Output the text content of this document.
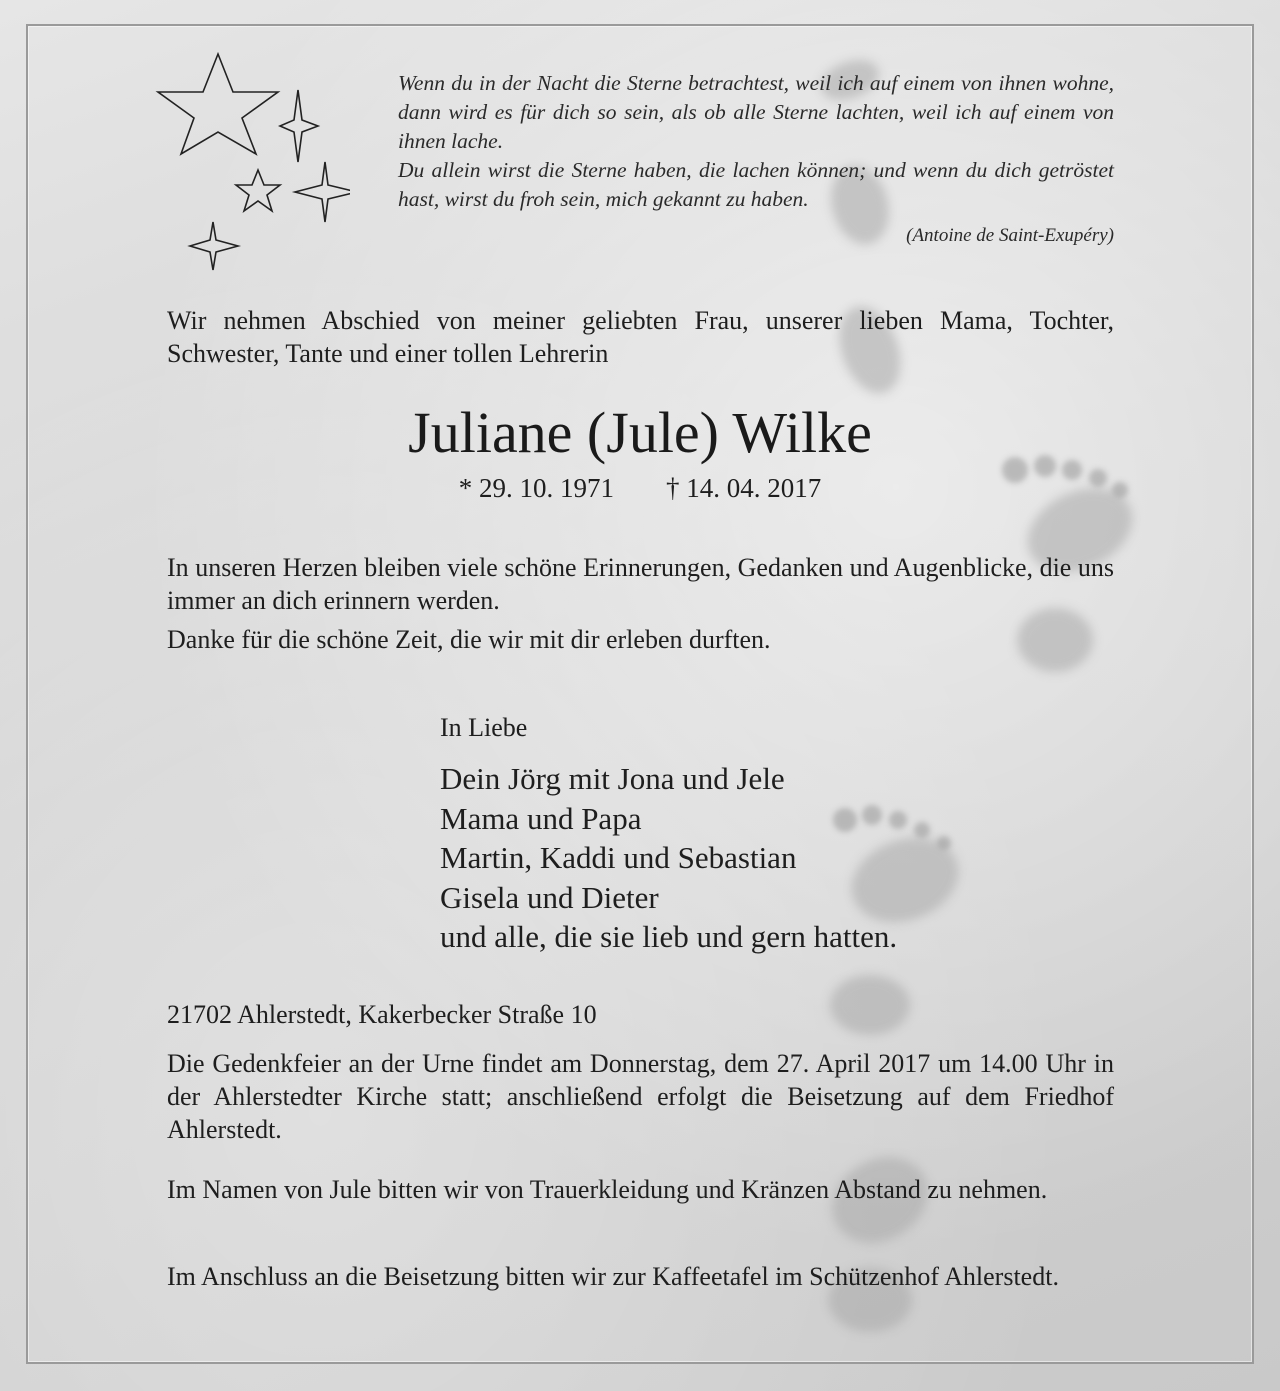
Wenn du in der Nacht die Sterne betrachtest, weil ich auf einem von ihnen wohne, dann wird es für dich so sein, als ob alle Sterne lachten, weil ich auf einem von ihnen lache.

Du allein wirst die Sterne haben, die lachen können; und wenn du dich getröstet hast, wirst du froh sein, mich gekannt zu haben.

(Antoine de Saint-Exupéry)

Wir nehmen Abschied von meiner geliebten Frau, unserer lieben Mama, Tochter, Schwester, Tante und einer tollen Lehrerin

Juliane (Jule) Wilke
* 29. 10. 1971 † 14. 04. 2017

In unseren Herzen bleiben viele schöne Erinnerungen, Gedanken und Augenblicke, die uns immer an dich erinnern werden.

Danke für die schöne Zeit, die wir mit dir erleben durften.

In Liebe
Dein Jörg mit Jona und Jele
Mama und Papa
Martin, Kaddi und Sebastian
Gisela und Dieter
und alle, die sie lieb und gern hatten.

21702 Ahlerstedt, Kakerbecker Straße 10

Die Gedenkfeier an der Urne findet am Donnerstag, dem 27. April 2017 um 14.00 Uhr in der Ahlerstedter Kirche statt; anschließend erfolgt die Beisetzung auf dem Friedhof Ahlerstedt.

Im Namen von Jule bitten wir von Trauerkleidung und Kränzen Abstand zu nehmen.

Im Anschluss an die Beisetzung bitten wir zur Kaffeetafel im Schützenhof Ahlerstedt.
